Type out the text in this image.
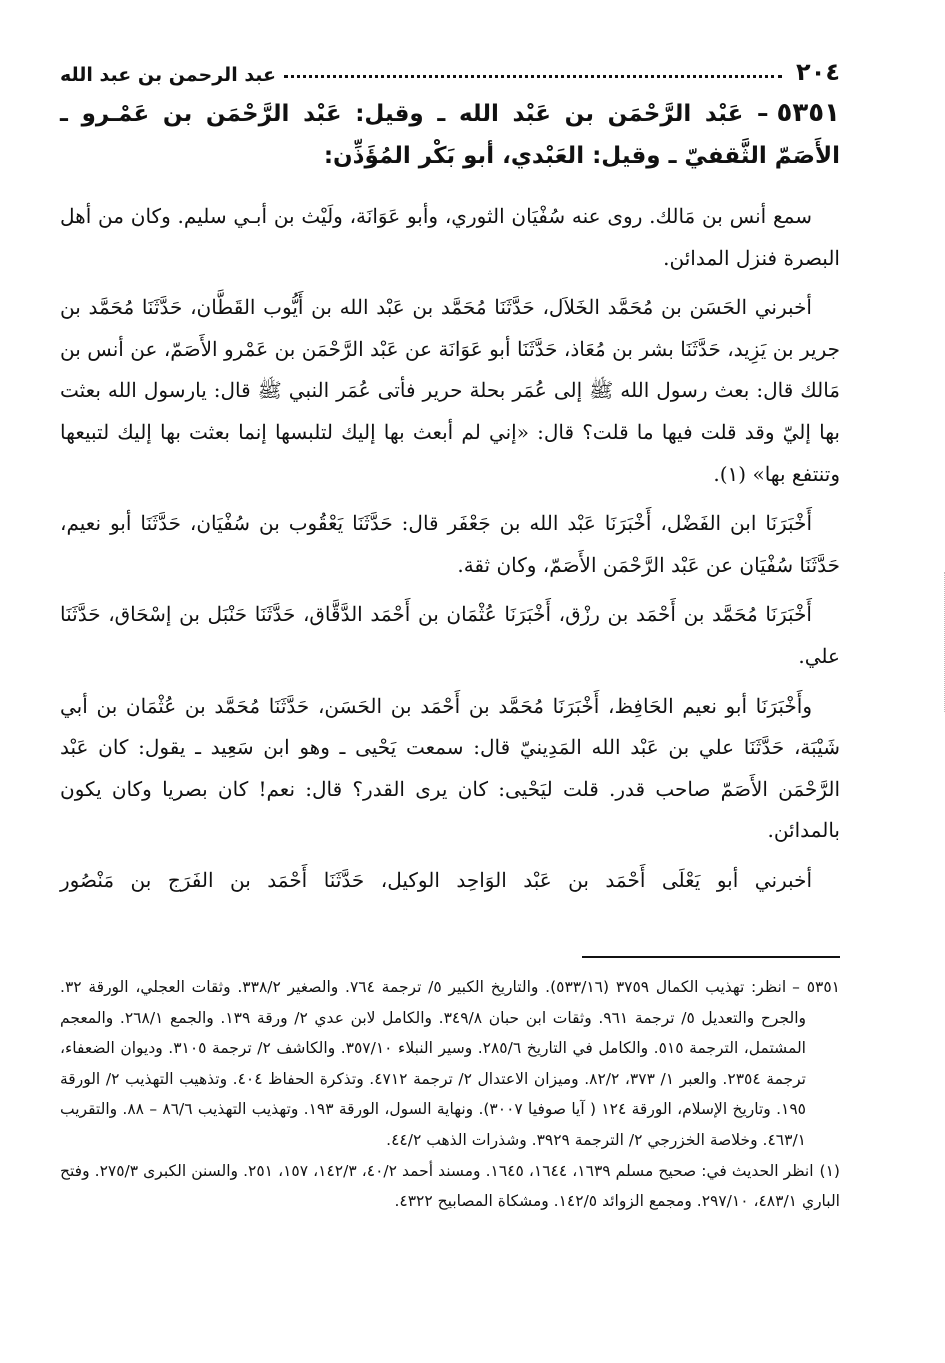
٢٠٤
عبد الرحمن بن عبد الله
٥٣٥١– عَبْد الرَّحْمَن بن عَبْد الله ـ وقيل: عَبْد الرَّحْمَن بن عَمْـرو ـ الأَصَمّ الثَّقفيّ ـ وقيل: العَبْدي، أبو بَكْر المُؤَذِّن:

سمع أنس بن مَالك. روى عنه سُفْيَان الثوري، وأبو عَوَانَة، ولَيْث بن أبـي سليم. وكان من أهل البصرة فنزل المدائن.

أخبرني الحَسَن بن مُحَمَّد الخَلاَل، حَدَّثَنَا مُحَمَّد بن عَبْد الله بن أَيُّوب القَطَّان، حَدَّثَنَا مُحَمَّد بن جرير بن يَزِيد، حَدَّثَنَا بشر بن مُعَاذ، حَدَّثَنَا أبو عَوَانَة عن عَبْد الرَّحْمَن بن عَمْرو الأَصَمّ، عن أنس بن مَالك قال: بعث رسول الله ﷺ إلى عُمَر بحلة حرير فأتى عُمَر النبي ﷺ قال: يارسول الله بعثت بها إليّ وقد قلت فيها ما قلت؟ قال: «إني لم أبعث بها إليك لتلبسها إنما بعثت بها إليك لتبيعها وتنتفع بها» (١).

أَخْبَرَنَا ابن الفَضْل، أَخْبَرَنَا عَبْد الله بن جَعْفَر قال: حَدَّثَنَا يَعْقُوب بن سُفْيَان، حَدَّثَنَا أبو نعيم، حَدَّثَنَا سُفْيَان عن عَبْد الرَّحْمَن الأَصَمّ، وكان ثقة.

أَخْبَرَنَا مُحَمَّد بن أَحْمَد بن رزْق، أَخْبَرَنَا عُثْمَان بن أَحْمَد الدَّقَّاق، حَدَّثَنَا حَنْبَل بن إسْحَاق، حَدَّثَنَا علي.

وأَخْبَرَنَا أبو نعيم الحَافِظ، أَخْبَرَنَا مُحَمَّد بن أَحْمَد بن الحَسَن، حَدَّثَنَا مُحَمَّد بن عُثْمَان بن أبي شَيْبَة، حَدَّثَنَا علي بن عَبْد الله المَدِينيّ قال: سمعت يَحْيى ـ وهو ابن سَعِيد ـ يقول: كان عَبْد الرَّحْمَن الأَصَمّ صاحب قدر. قلت ليَحْيى: كان يرى القدر؟ قال: نعم! كان بصريا وكان يكون بالمدائن.

أخبرني أبو يَعْلَى أَحْمَد بن عَبْد الوَاحِد الوكيل، حَدَّثَنَا أَحْمَد بن الفَرَج بن مَنْصُور

٥٣٥١ –انظر: تهذيب الكمال ٣٧٥٩ (٥٣٣/١٦). والتاريخ الكبير ٥/ ترجمة ٧٦٤. والصغير ٣٣٨/٢. وثقات العجلي، الورقة ٣٢. والجرح والتعديل ٥/ ترجمة ٩٦١. وثقات ابن حبان ٣٤٩/٨. والكامل لابن عدي ٢/ ورقة ١٣٩. والجمع ٢٦٨/١. والمعجم المشتمل، الترجمة ٥١٥. والكامل في التاريخ ٢٨٥/٦. وسير النبلاء ٣٥٧/١٠. والكاشف ٢/ ترجمة ٣١٠٥. وديوان الضعفاء، ترجمة ٢٣٥٤. والعبر ١/ ٣٧٣، ٨٢/٢. وميزان الاعتدال ٢/ ترجمة ٤٧١٢. وتذكرة الحفاظ ٤٠٤. وتذهيب التهذيب ٢/ الورقة ١٩٥. وتاريخ الإسلام، الورقة ١٢٤ ( آيا صوفيا ٣٠٠٧). ونهاية السول، الورقة ١٩٣. وتهذيب التهذيب ٨٦/٦ – ٨٨. والتقريب ٤٦٣/١. وخلاصة الخزرجي ٢/ الترجمة ٣٩٢٩. وشذرات الذهب ٤٤/٢.

(١)انظر الحديث في: صحيح مسلم ١٦٣٩، ١٦٤٤، ١٦٤٥. ومسند أحمد ٤٠/٢، ١٤٢/٣، ١٥٧، ٢٥١. والسنن الكبرى ٢٧٥/٣. وفتح الباري ٤٨٣/١، ٢٩٧/١٠. ومجمع الزوائد ١٤٢/٥. ومشكاة المصابيح ٤٣٢٢.
